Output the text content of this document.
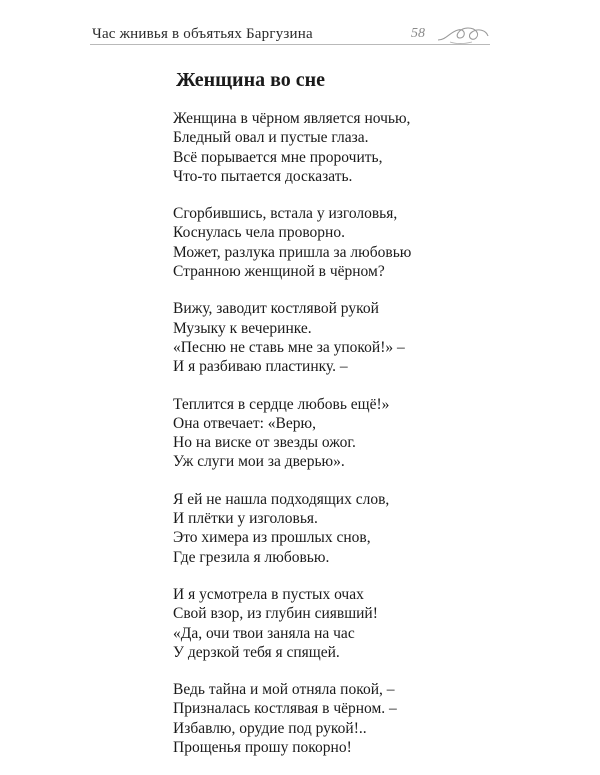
Час жнивья в объятьях Баргузина	58
Женщина во сне
Женщина в чёрном является ночью,
Бледный овал и пустые глаза.
Всё порывается мне пророчить,
Что-то пытается досказать.
Сгорбившись, встала у изголовья,
Коснулась чела проворно.
Может, разлука пришла за любовью
Странною женщиной в чёрном?
Вижу, заводит костлявой рукой
Музыку к вечеринке.
«Песню не ставь мне за упокой!» –
И я разбиваю пластинку. –
Теплится в сердце любовь ещё!»
Она отвечает: «Верю,
Но на виске от звезды ожог.
Уж слуги мои за дверью».
Я ей не нашла подходящих слов,
И плётки у изголовья.
Это химера из прошлых снов,
Где грезила я любовью.
И я усмотрела в пустых очах
Свой взор, из глубин сиявший!
«Да, очи твои заняла на час
У дерзкой тебя я спящей.
Ведь тайна и мой отняла покой, –
Призналась костлявая в чёрном. –
Избавлю, орудие под рукой!..
Прощенья прошу покорно!
